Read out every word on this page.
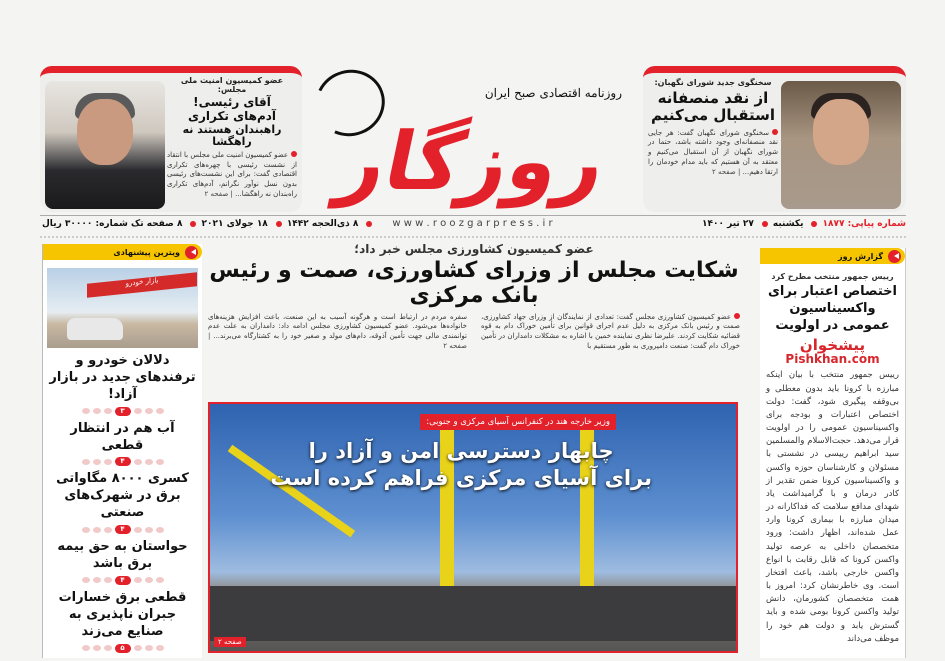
عضو کمیسیون امنیت ملی مجلس:
آقای رئیسی!
آدم‌های تکراری
راهبندان هستند نه راهگشا
عضو کمیسیون امنیت ملی مجلس با انتقاد از نشست رئیسی با چهره‌های تکراری اقتصادی گفت: برای این نشست‌های رئیسی بدون نسل نوآور نگرانم، آدم‌های تکراری راه‌بندان نه راهگشا... | صفحه ۲
روزنامه اقتصادی صبح ایران
روزگار
w w w . r o o z g a r p r e s s . i r
سخنگوی جدید شورای نگهبان:
از نقد منصفانه
استقبال می‌کنیم
سخنگوی شورای نگهبان گفت: هر جایی نقد منصفانه‌ای وجود داشته باشد، حتما در شورای نگهبان از آن استقبال می‌کنیم و معتقد به آن هستیم که باید مدام خودمان را ارتقا دهیم... | صفحه ۲
شماره پیاپی: ۱۸۷۷
یکشنبه
۲۷ تیر ۱۴۰۰
۸ ذی‌الحجه ۱۴۴۲
۱۸ جولای ۲۰۲۱
۸ صفحه تک شماره: ۳۰۰۰۰ ریال
ویترین پیشنهادی
بازار خودرو
دلالان خودرو و ترفندهای جدید در بازار آزاد!
۳
آب هم در انتظار قطعی
۴
کسری ۸۰۰۰ مگاواتی برق در شهرک‌های صنعتی
۴
حواستان به حق بیمه برق باشد
۴
قطعی برق خسارات جبران ناپذیری به صنایع می‌زند
۵
عضو کمیسیون کشاورزی مجلس خبر داد؛
شکایت مجلس از وزرای کشاورزی، صمت و رئیس بانک مرکزی
عضو کمیسیون کشاورزی مجلس گفت: تعدادی از نمایندگان از وزرای جهاد کشاورزی، صمت و رئیس بانک مرکزی به دلیل عدم اجرای قوانین برای تأمین خوراک دام به قوه قضائیه شکایت کردند. علیرضا نظری نماینده خمین با اشاره به مشکلات دامداران در تأمین خوراک دام گفت: صنعت دامپروری به طور مستقیم با
سفره مردم در ارتباط است و هرگونه آسیب به این صنعت، باعث افزایش هزینه‌های خانواده‌ها می‌شود. عضو کمیسیون کشاورزی مجلس ادامه داد: دامداران به علت عدم توانمندی مالی جهت تأمین آذوقه، دام‌های مولد و صغیر خود را به کشتارگاه می‌برند... | صفحه ۲
وزیر خارجه هند در کنفرانس آسیای مرکزی و جنوبی:
چابهار دسترسی امن و آزاد را
برای آسیای مرکزی فراهم کرده است
صفحه ۲
گزارش روز
رییس جمهور منتخب مطرح کرد
اختصاص اعتبار برای واکسیناسیون عمومی در اولویت
پیشخوان
Pishkhan.com
رییس جمهور منتخب با بیان اینکه مبارزه با کرونا باید بدون معطلی و بی‌وقفه پیگیری شود، گفت: دولت اختصاص اعتبارات و بودجه برای واکسیناسیون عمومی را در اولویت قرار می‌دهد. حجت‌الاسلام والمسلمین سید ابراهیم رییسی در نشستی با مسئولان و کارشناسان حوزه واکسن و واکسیناسیون کرونا ضمن تقدیر از کادر درمان و با گرامیداشت یاد شهدای مدافع سلامت که فداکارانه در میدان مبارزه با بیماری کرونا وارد عمل شده‌اند، اظهار داشت: ورود متخصصان داخلی به عرصه تولید واکسن کرونا که قابل رقابت با انواع واکسن خارجی باشد، باعث افتخار است. وی خاطرنشان کرد: امروز با همت متخصصان کشورمان، دانش تولید واکسن کرونا بومی شده و باید گسترش یابد و دولت هم خود را موظف می‌داند
